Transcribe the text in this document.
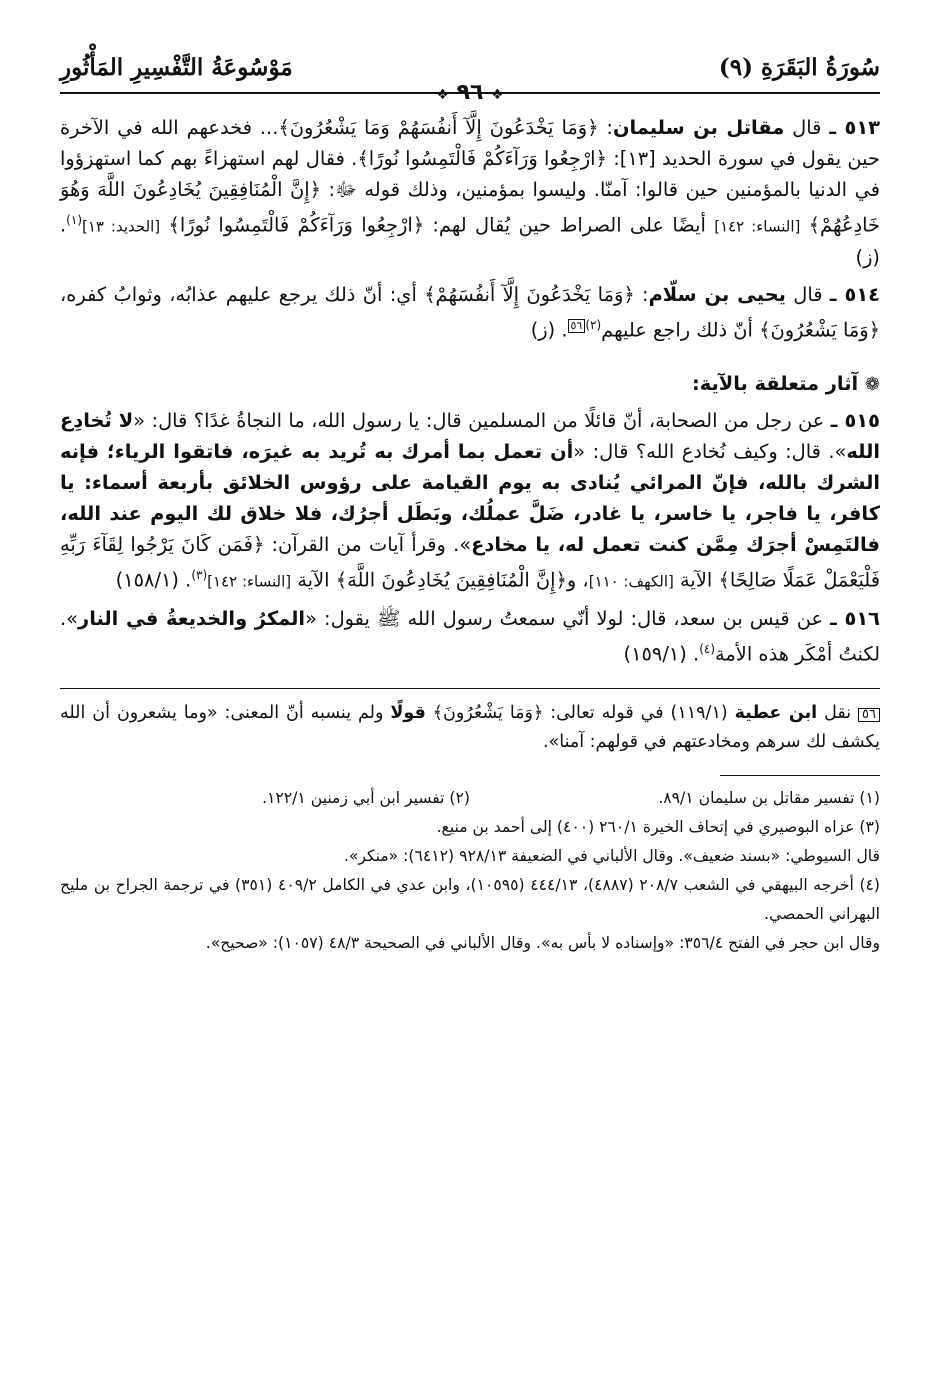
سُورَةُ البَقَرَةِ (٩)
مَوْسُوعَةُ التَّفْسِيرِ المَأْثُورِ
❖ ٩٦ ❖

٥١٣ ـ قال مقاتل بن سليمان: ﴿وَمَا يَخْدَعُونَ إِلَّآ أَنفُسَهُمْ وَمَا يَشْعُرُونَ﴾... فخدعهم الله في الآخرة حين يقول في سورة الحديد [١٣]: ﴿ارْجِعُوا وَرَآءَكُمْ فَالْتَمِسُوا نُورًا﴾. فقال لهم استهزاءً بهم كما استهزؤوا في الدنيا بالمؤمنين حين قالوا: آمنّا. وليسوا بمؤمنين، وذلك قوله ﷻ: ﴿إِنَّ الْمُنَافِقِينَ يُخَادِعُونَ اللَّهَ وَهُوَ خَادِعُهُمْ﴾ [النساء: ١٤٢] أيضًا على الصراط حين يُقال لهم: ﴿ارْجِعُوا وَرَآءَكُمْ فَالْتَمِسُوا نُورًا﴾ [الحديد: ١٣]$^{(١)}$. (ز)

٥١٤ ـ قال يحيى بن سلّام: ﴿وَمَا يَخْدَعُونَ إِلَّآ أَنفُسَهُمْ﴾ أي: أنّ ذلك يرجع عليهم عذابُه، وثوابُ كفره، ﴿وَمَا يَشْعُرُونَ﴾ أنّ ذلك راجع عليهم$^{(٢)}$٥٦. (ز)

❁ آثار متعلقة بالآية:

٥١٥ ـ عن رجل من الصحابة، أنّ قائلًا من المسلمين قال: يا رسول الله، ما النجاةُ غدًا؟ قال: «لا تُخادِع الله». قال: وكيف نُخادع الله؟ قال: «أن تعمل بما أمرك به تُريد به غيرَه، فاتقوا الرياء؛ فإنه الشرك بالله، فإنّ المرائي يُنادى به يوم القيامة على رؤوس الخلائق بأربعة أسماء: يا كافر، يا فاجر، يا خاسر، يا غادر، ضَلَّ عملُك، وبَطَل أجرُك، فلا خلاق لك اليوم عند الله، فالتَمِسْ أجرَك مِمَّن كنت تعمل له، يا مخادع». وقرأ آيات من القرآن: ﴿فَمَن كَانَ يَرْجُوا لِقَآءَ رَبِّهِ فَلْيَعْمَلْ عَمَلًا صَالِحًا﴾ الآية [الكهف: ١١٠]، و﴿إِنَّ الْمُنَافِقِينَ يُخَادِعُونَ اللَّهَ﴾ الآية [النساء: ١٤٢]$^{(٣)}$. (١٥٨/١)

٥١٦ ـ عن قيس بن سعد، قال: لولا أنّي سمعتُ رسول الله ﷺ يقول: «المكرُ والخديعةُ في النار». لكنتُ أمْكَر هذه الأمة$^{(٤)}$. (١٥٩/١)

٥٦ نقل ابن عطية (١١٩/١) في قوله تعالى: ﴿وَمَا يَشْعُرُونَ﴾ قولًا ولم ينسبه أنّ المعنى: «وما يشعرون أن الله يكشف لك سرهم ومخادعتهم في قولهم: آمنا».

(١) تفسير مقاتل بن سليمان ٨٩/١.

(٢) تفسير ابن أبي زمنين ١٢٢/١.

(٣) عزاه البوصيري في إتحاف الخيرة ٢٦٠/١ (٤٠٠) إلى أحمد بن منيع.

قال السيوطي: «بسند ضعيف». وقال الألباني في الضعيفة ٩٢٨/١٣ (٦٤١٢): «منكر».

(٤) أخرجه البيهقي في الشعب ٢٠٨/٧ (٤٨٨٧)، ٤٤٤/١٣ (١٠٥٩٥)، وابن عدي في الكامل ٤٠٩/٢ (٣٥١) في ترجمة الجراح بن مليح البهراني الحمصي.

وقال ابن حجر في الفتح ٣٥٦/٤: «وإسناده لا بأس به». وقال الألباني في الصحيحة ٤٨/٣ (١٠٥٧): «صحيح».
